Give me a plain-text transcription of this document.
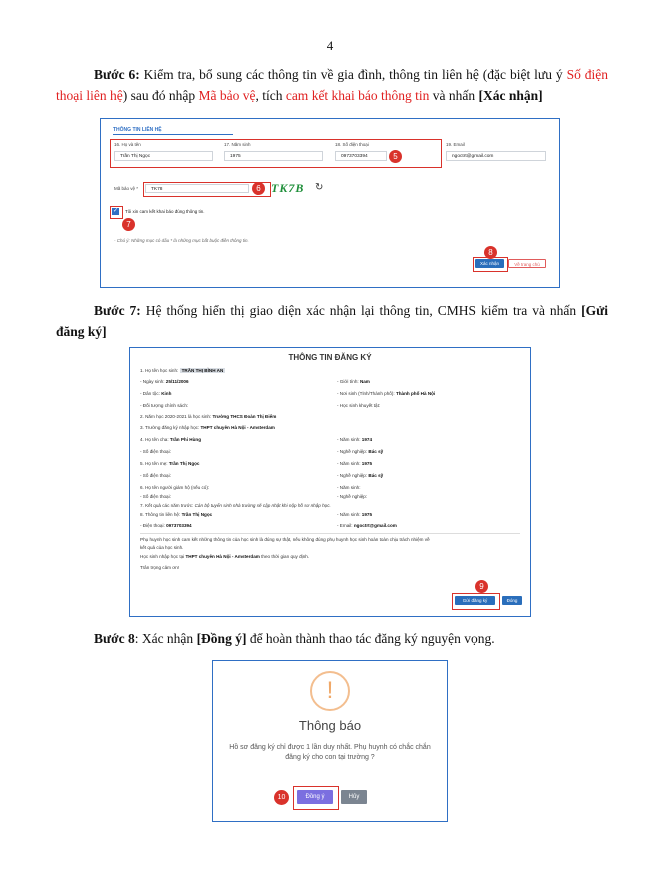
4
Bước 6: Kiểm tra, bổ sung các thông tin về gia đình, thông tin liên hệ (đặc biệt lưu ý Số điện thoại liên hệ) sau đó nhập Mã bảo vệ, tích cam kết khai báo thông tin và nhấn [Xác nhận]
THÔNG TIN LIÊN HỆ
16. Họ và tên
Trần Thị Ngọc
17. Năm sinh
1975
18. Số điện thoại
0973703394	5
19. Email
ngoctrt@gmail.com
Mã bảo vệ *	TK78	6 TK7B ↻
✓ Tôi xin cam kết khai báo đúng thông tin.
7
- Chú ý: Những mục có dấu * là những mục bắt buộc điền thông tin.
8
Xác nhận	Về trang chủ
Bước 7: Hệ thống hiển thị giao diện xác nhận lại thông tin, CMHS kiểm tra và nhấn [Gửi đăng ký]
THÔNG TIN ĐĂNG KÝ
1. Họ tên học sinh: TRẦN THỊ BÌNH AN
- Ngày sinh: 25/11/2006	- Giới tính: Nam
- Dân tộc: Kinh	- Nơi sinh (Tỉnh/Thành phố): Thành phố Hà Nội
- Đối tượng chính sách:	- Học sinh khuyết tật:
2. Năm học 2020-2021 là học sinh: Trường THCS Đoàn Thị Điểm
3. Trường đăng ký nhập học: THPT chuyên Hà Nội - Amsterdam
4. Họ tên cha: Trần Phi Hùng	- Năm sinh: 1974
- Số điện thoại:	- Nghề nghiệp: Bác sỹ
5. Họ tên mẹ: Trần Thị Ngọc	- Năm sinh: 1975
- Số điện thoại:	- Nghề nghiệp: Bác sỹ
6. Họ tên người giám hộ (nếu có):	- Năm sinh:
- Số điện thoại:	- Nghề nghiệp:
7. Kết quả các năm trước: Cán bộ tuyển sinh nhà trường sẽ cập nhật khi nộp hồ sơ nhập học.
8. Thông tin liên hệ: Trần Thị Ngọc	- Năm sinh: 1975
- Điện thoại: 0973703394	- Email: ngoctrt@gmail.com
Phụ huynh học sinh cam kết những thông tin của học sinh là đúng sự thật, nếu không đúng phụ huynh học sinh hoàn toàn chịu trách nhiệm về
kết quả của học sinh.
Học sinh nhập học tại THPT chuyên Hà Nội - Amsterdam theo thời gian quy định.
Trân trọng cảm ơn!
9
Gửi đăng ký	Đóng
Bước 8: Xác nhận [Đồng ý] để hoàn thành thao tác đăng ký nguyện vọng.
!
Thông báo
Hồ sơ đăng ký chỉ được 1 lần duy nhất. Phụ huynh có chắc chắn đăng ký cho con tại trường ?
10	Đồng ý	Hủy
